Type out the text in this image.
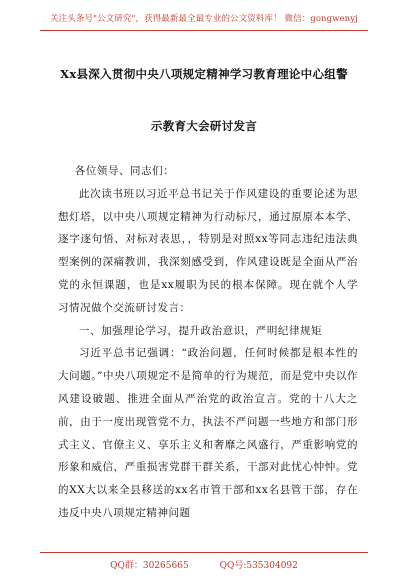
关注头条号"公文研究"，获得最新最全最专业的公文资料库！ 微信：gongwenyj
Xx县深入贯彻中央八项规定精神学习教育理论中心组警
示教育大会研讨发言

各位领导、同志们：

此次读书班以习近平总书记关于作风建设的重要论述为思想灯塔，以中央八项规定精神为行动标尺，通过原原本本学、逐字逐句悟、对标对表思，，特别是对照xx等同志违纪违法典型案例的深痛教训，我深刻感受到，作风建设既是全面从严治党的永恒课题，也是xx履职为民的根本保障。现在就个人学习情况做个交流研讨发言：

一、加强理论学习，提升政治意识，严明纪律规矩

习近平总书记强调：“政治问题，任何时候都是根本性的大问题。”中央八项规定不是简单的行为规范，而是党中央以作风建设破题、推进全面从严治党的政治宣言。党的十八大之前，由于一度出现管党不力，执法不严问题一些地方和部门形式主义、官僚主义、享乐主义和奢靡之风盛行，严重影响党的形象和威信，严重损害党群干群关系，干部对此忧心忡忡。党的XX大以来全县移送的xx名市管干部和xx名县管干部，存在违反中央八项规定精神问题

QQ群：30265665	QQ号:535304092
